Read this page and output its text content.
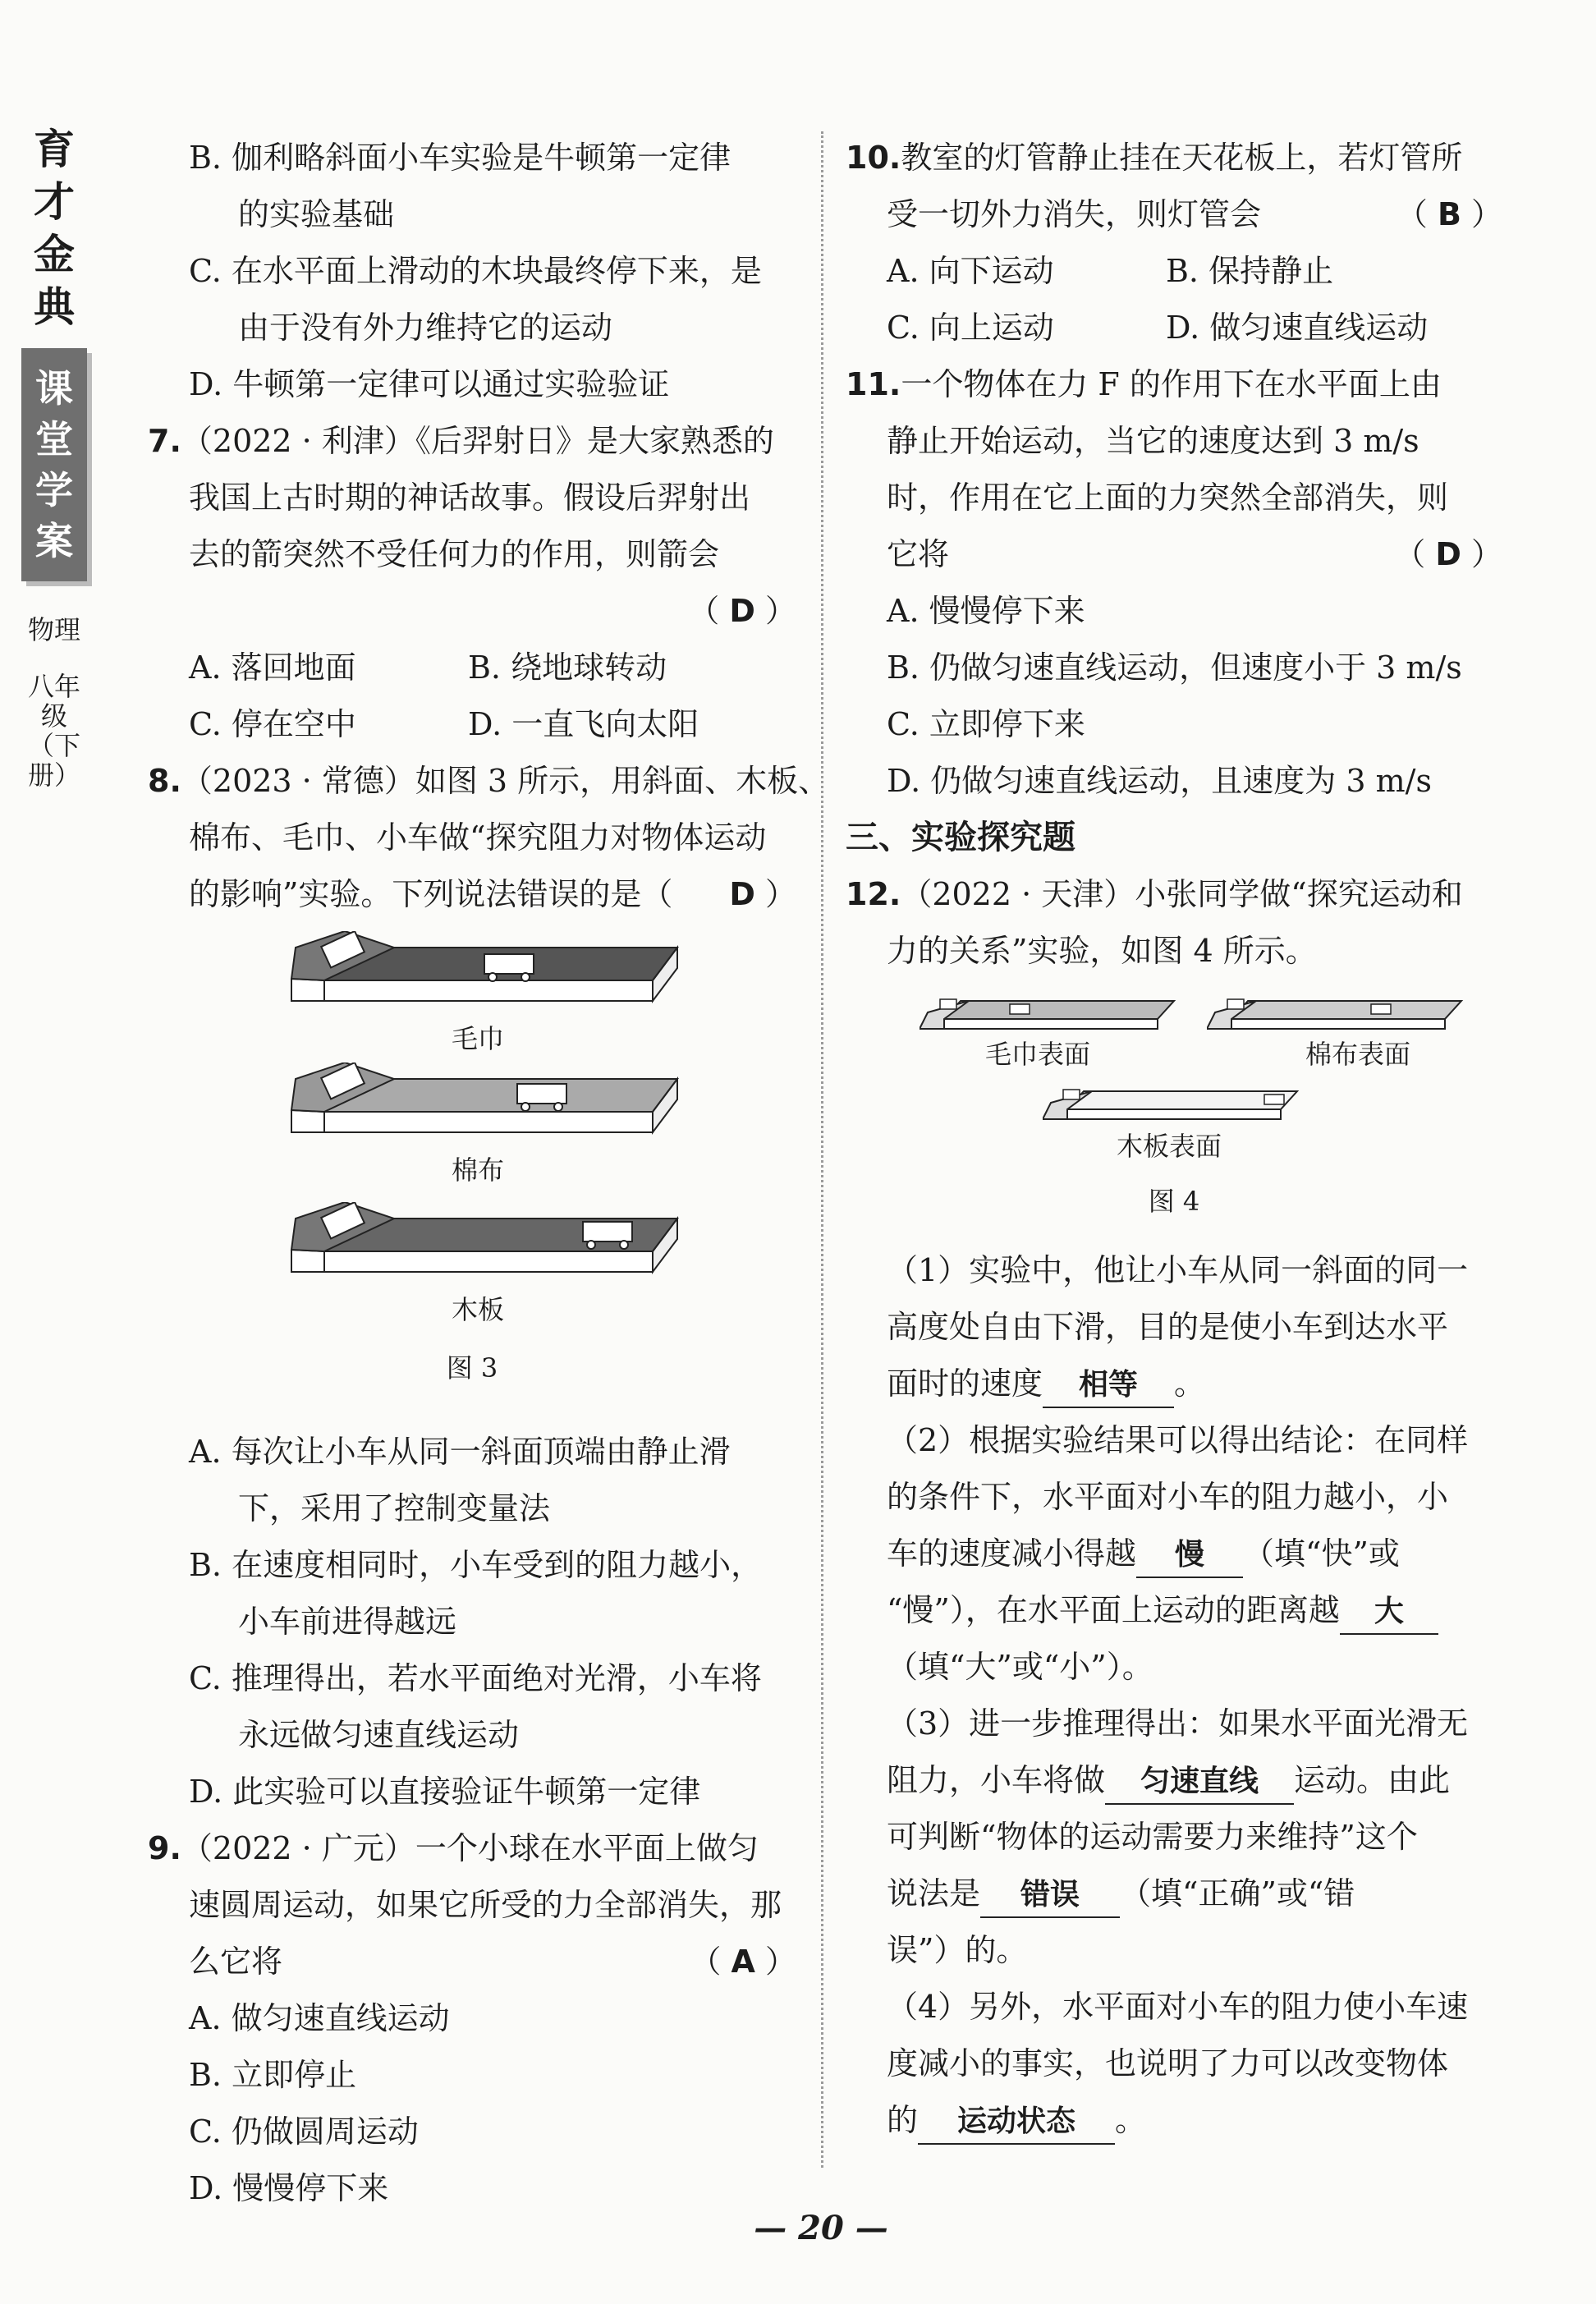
育才金典
课堂学案
物理
八年级（下册）
B. 伽利略斜面小车实验是牛顿第一定律
的实验基础
C. 在水平面上滑动的木块最终停下来，是
由于没有外力维持它的运动
D. 牛顿第一定律可以通过实验验证
7.（2022 · 利津）《后羿射日》是大家熟悉的
我国上古时期的神话故事。假设后羿射出
去的箭突然不受任何力的作用，则箭会

（ D ）
A. 落回地面	B. 绕地球转动
C. 停在空中	D. 一直飞向太阳
8.（2023 · 常德）如图 3 所示，用斜面、木板、
棉布、毛巾、小车做“探究阻力对物体运动
的影响”实验。下列说法错误的是（ D ）
毛巾
棉布
木板
图 3
A. 每次让小车从同一斜面顶端由静止滑
下，采用了控制变量法
B. 在速度相同时，小车受到的阻力越小，
小车前进得越远
C. 推理得出，若水平面绝对光滑，小车将
永远做匀速直线运动
D. 此实验可以直接验证牛顿第一定律
9.（2022 · 广元）一个小球在水平面上做匀
速圆周运动，如果它所受的力全部消失，那
么它将	（ A ）
A. 做匀速直线运动
B. 立即停止
C. 仍做圆周运动
D. 慢慢停下来
10.教室的灯管静止挂在天花板上，若灯管所
受一切外力消失，则灯管会	（ B ）
A. 向下运动	B. 保持静止
C. 向上运动	D. 做匀速直线运动
11.一个物体在力 F 的作用下在水平面上由
静止开始运动，当它的速度达到 3 m/s
时，作用在它上面的力突然全部消失，则
它将	（ D ）
A. 慢慢停下来
B. 仍做匀速直线运动，但速度小于 3 m/s
C. 立即停下来
D. 仍做匀速直线运动，且速度为 3 m/s
三、实验探究题
12.（2022 · 天津）小张同学做“探究运动和
力的关系”实验，如图 4 所示。
毛巾表面	棉布表面
木板表面
图 4
（1）实验中，他让小车从同一斜面的同一
高度处自由下滑，目的是使小车到达水平
面时的速度 相等 。
（2）根据实验结果可以得出结论：在同样
的条件下，水平面对小车的阻力越小，小
车的速度减小得越 慢 （填“快”或
“慢”），在水平面上运动的距离越 大
（填“大”或“小”）。
（3）进一步推理得出：如果水平面光滑无
阻力，小车将做 匀速直线 运动。由此
可判断“物体的运动需要力来维持”这个
说法是 错误 （填“正确”或“错
误”）的。
（4）另外，水平面对小车的阻力使小车速
度减小的事实，也说明了力可以改变物体
的 运动状态 。
— 20 —
